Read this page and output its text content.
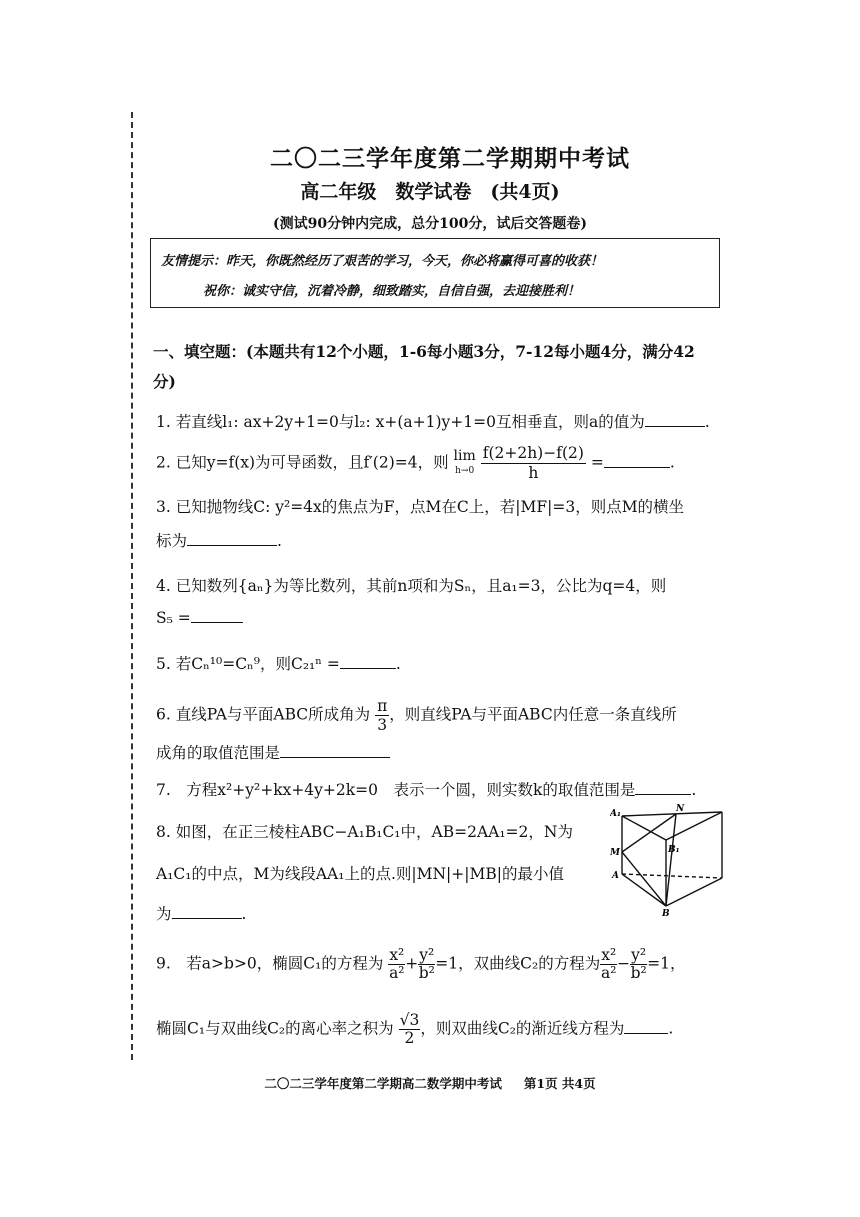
二〇二三学年度第二学期期中考试
高二年级　数学试卷　(共4页)
(测试90分钟内完成，总分100分，试后交答题卷)
友情提示：昨天，你既然经历了艰苦的学习，今天，你必将赢得可喜的收获！
祝你：诚实守信，沉着冷静，细致踏实，自信自强，去迎接胜利！
一、填空题：(本题共有12个小题，1-6每小题3分，7-12每小题4分，满分42
分)
1. 若直线l₁: ax+2y+1=0与l₂: x+(a+1)y+1=0互相垂直，则a的值为	.
2. 已知y=f(x)为可导函数，且f′(2)=4，则 lim
$h\to 0 \frac{f(2+2h)-f(2)}{h}$ =	.
3. 已知抛物线C: y²=4x的焦点为F，点M在C上，若|MF|=3，则点M的横坐
标为	.
4. 已知数列{aₙ}为等比数列，其前n项和为Sₙ，且a₁=3，公比为q=4，则
S₅ =
5. 若Cₙ¹⁰=Cₙ⁹，则C₂₁ⁿ =	.
6. 直线PA与平面ABC所成角为 $\frac{\pi}{3}$ ，则直线PA与平面ABC内任意一条直线所
成角的取值范围是
7.　方程x²+y²+kx+4y+2k=0　表示一个圆，则实数k的取值范围是	.
8. 如图，在正三棱柱ABC−A₁B₁C₁中，AB=2AA₁=2，N为
A₁C₁的中点，M为线段AA₁上的点.则|MN|+|MB|的最小值
为	.
A₁	N
B₁
M
A
B
9.　若a>b>0，椭圆C₁的方程为 $\frac{\text{x²}}{\text{a²}} + \frac{\text{y²}}{\text{b²}} =1$，双曲线C₂的方程为 $\frac{\text{x²}}{\text{a²}} - \frac{\text{y²}}{\text{b²}} =1$，
椭圆C₁与双曲线C₂的离心率之积为 $\frac{√3}{2}$ ，则双曲线C₂的渐近线方程为	.
二〇二三学年度第二学期高二数学期中考试 第1页 共4页
